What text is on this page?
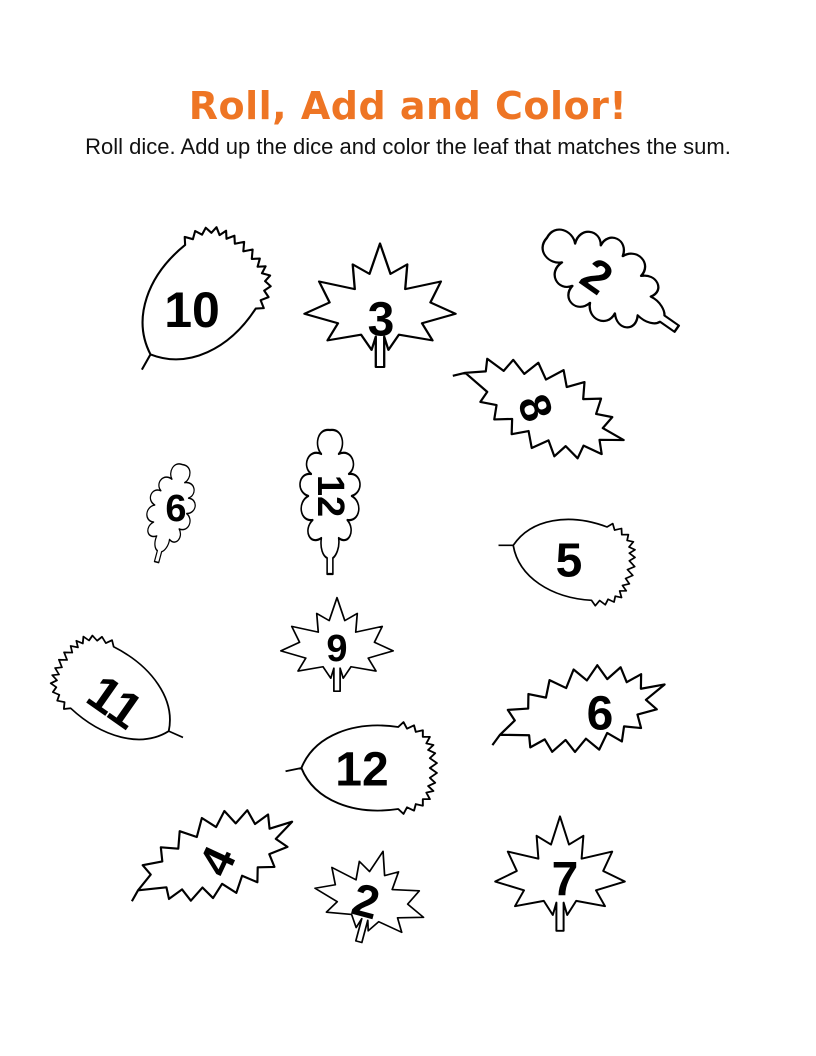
Roll, Add and Color!
Roll dice. Add up the dice and color the leaf that matches the sum.
10	3
2
8
6	12
5
9
11	6
12
4
2	7
